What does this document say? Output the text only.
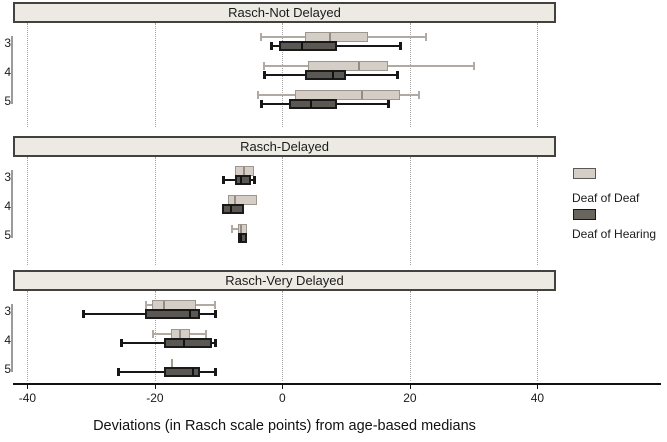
Rasch-Not Delayed
3
4
5
Rasch-Delayed
3
4
5
Rasch-Very Delayed
3
4
5
-40	-20	0	20	40
Deviations (in Rasch scale points) from age-based medians
Deaf of Deaf
Deaf of Hearing
